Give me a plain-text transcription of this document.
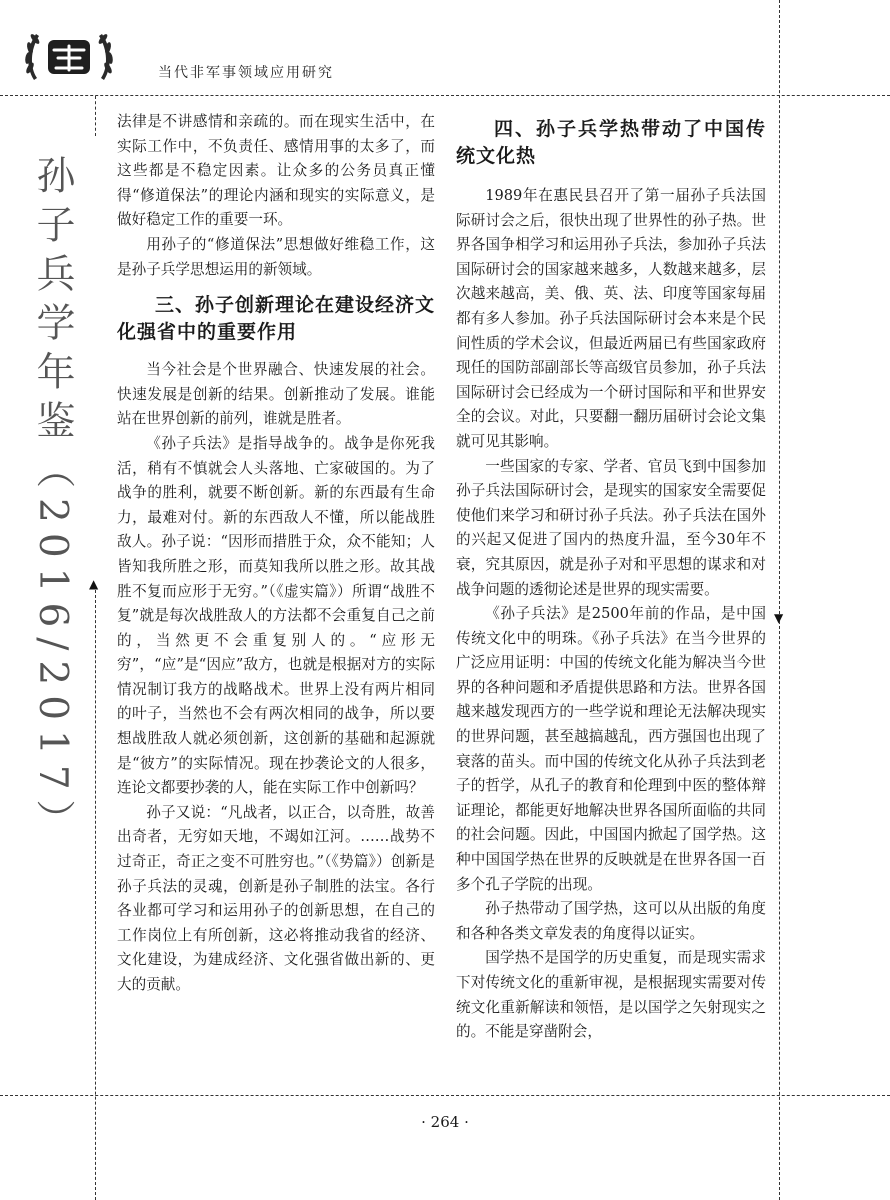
当代非军事领域应用研究
孙子兵学年鉴（2016/2017）	▲
▼

法律是不讲感情和亲疏的。而在现实生活中，在实际工作中，不负责任、感情用事的太多了，而这些都是不稳定因素。让众多的公务员真正懂得“修道保法”的理论内涵和现实的实际意义，是做好稳定工作的重要一环。

用孙子的“修道保法”思想做好维稳工作，这是孙子兵学思想运用的新领域。

三、孙子创新理论在建设经济文化强省中的重要作用

当今社会是个世界融合、快速发展的社会。快速发展是创新的结果。创新推动了发展。谁能站在世界创新的前列，谁就是胜者。

《孙子兵法》是指导战争的。战争是你死我活，稍有不慎就会人头落地、亡家破国的。为了战争的胜利，就要不断创新。新的东西最有生命力，最难对付。新的东西敌人不懂，所以能战胜敌人。孙子说：“因形而措胜于众，众不能知；人皆知我所胜之形，而莫知我所以胜之形。故其战胜不复而应形于无穷。”（《虚实篇》）所谓“战胜不复”就是每次战胜敌人的方法都不会重复自己之前的，当然更不会重复别人的。“应形无穷”，“应”是“因应”敌方，也就是根据对方的实际情况制订我方的战略战术。世界上没有两片相同的叶子，当然也不会有两次相同的战争，所以要想战胜敌人就必须创新，这创新的基础和起源就是“彼方”的实际情况。现在抄袭论文的人很多，连论文都要抄袭的人，能在实际工作中创新吗？

孙子又说：“凡战者，以正合，以奇胜，故善出奇者，无穷如天地，不竭如江河。……战势不过奇正，奇正之变不可胜穷也。”（《势篇》）创新是孙子兵法的灵魂，创新是孙子制胜的法宝。各行各业都可学习和运用孙子的创新思想，在自己的工作岗位上有所创新，这必将推动我省的经济、文化建设，为建成经济、文化强省做出新的、更大的贡献。

四、孙子兵学热带动了中国传统文化热

1989年在惠民县召开了第一届孙子兵法国际研讨会之后，很快出现了世界性的孙子热。世界各国争相学习和运用孙子兵法，参加孙子兵法国际研讨会的国家越来越多，人数越来越多，层次越来越高，美、俄、英、法、印度等国家每届都有多人参加。孙子兵法国际研讨会本来是个民间性质的学术会议，但最近两届已有些国家政府现任的国防部副部长等高级官员参加，孙子兵法国际研讨会已经成为一个研讨国际和平和世界安全的会议。对此，只要翻一翻历届研讨会论文集就可见其影响。

一些国家的专家、学者、官员飞到中国参加孙子兵法国际研讨会，是现实的国家安全需要促使他们来学习和研讨孙子兵法。孙子兵法在国外的兴起又促进了国内的热度升温，至今30年不衰，究其原因，就是孙子对和平思想的谋求和对战争问题的透彻论述是世界的现实需要。

《孙子兵法》是2500年前的作品，是中国传统文化中的明珠。《孙子兵法》在当今世界的广泛应用证明：中国的传统文化能为解决当今世界的各种问题和矛盾提供思路和方法。世界各国越来越发现西方的一些学说和理论无法解决现实的世界问题，甚至越搞越乱，西方强国也出现了衰落的苗头。而中国的传统文化从孙子兵法到老子的哲学，从孔子的教育和伦理到中医的整体辩证理论，都能更好地解决世界各国所面临的共同的社会问题。因此，中国国内掀起了国学热。这种中国国学热在世界的反映就是在世界各国一百多个孔子学院的出现。

孙子热带动了国学热，这可以从出版的角度和各种各类文章发表的角度得以证实。

国学热不是国学的历史重复，而是现实需求下对传统文化的重新审视，是根据现实需要对传统文化重新解读和领悟，是以国学之矢射现实之的。不能是穿凿附会，

· 264 ·
